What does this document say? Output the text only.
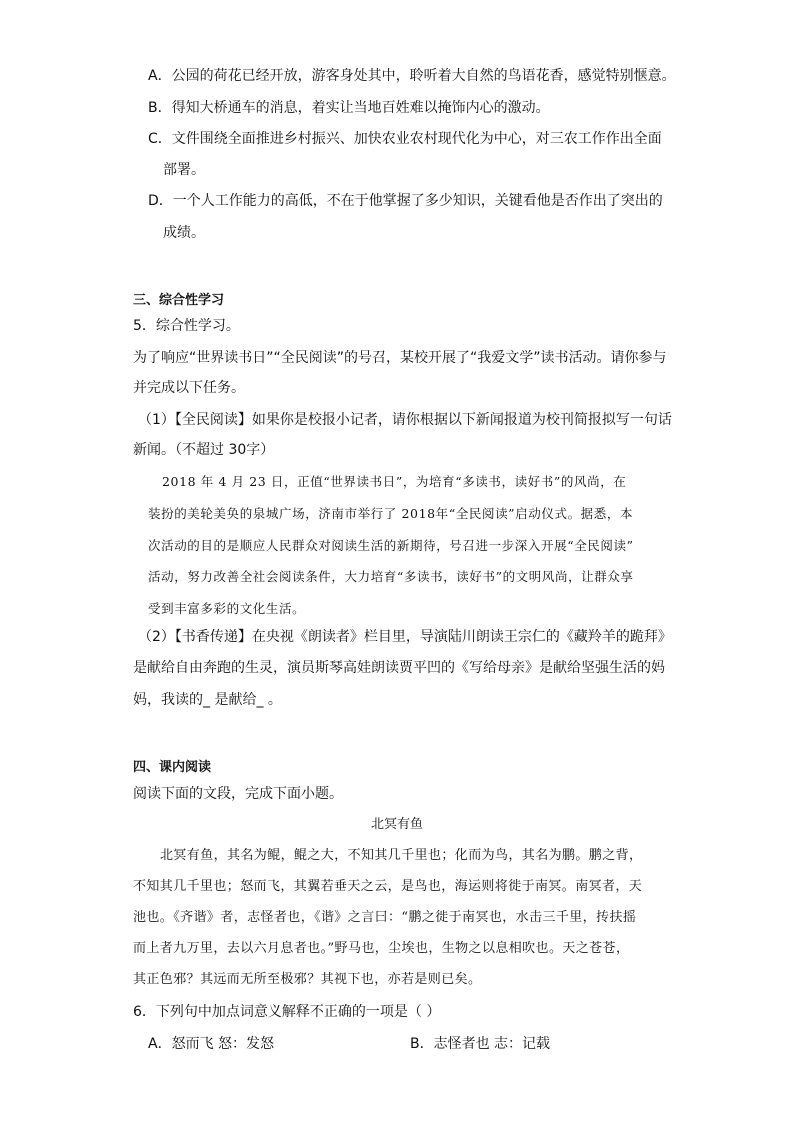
A．公园的荷花已经开放，游客身处其中，聆听着大自然的鸟语花香，感觉特别惬意。
B．得知大桥通车的消息，着实让当地百姓难以掩饰内心的激动。
C．文件围绕全面推进乡村振兴、加快农业农村现代化为中心，对三农工作作出全面
部署。
D．一个人工作能力的高低，不在于他掌握了多少知识，关键看他是否作出了突出的
成绩。
三、综合性学习
5．综合性学习。
为了响应“世界读书日”“全民阅读”的号召，某校开展了“我爱文学”读书活动。请你参与
并完成以下任务。
（1）【全民阅读】如果你是校报小记者，请你根据以下新闻报道为校刊简报拟写一句话
新闻。（不超过 30字）
2018 年 4 月 23 日，正值“世界读书日”，为培育“多读书，读好书”的风尚，在
装扮的美轮美奂的泉城广场，济南市举行了 2018年“全民阅读”启动仪式。据悉，本
次活动的目的是顺应人民群众对阅读生活的新期待，号召进一步深入开展“全民阅读”
活动，努力改善全社会阅读条件，大力培育“多读书，读好书”的文明风尚，让群众享
受到丰富多彩的文化生活。
（2）【书香传递】在央视《朗读者》栏目里，导演陆川朗读王宗仁的《藏羚羊的跪拜》
是献给自由奔跑的生灵，演员斯琴高娃朗读贾平凹的《写给母亲》是献给坚强生活的妈
妈，我读的_ 是献给_ 。
四、课内阅读
阅读下面的文段，完成下面小题。
北冥有鱼
北冥有鱼，其名为鲲，鲲之大，不知其几千里也；化而为鸟，其名为鹏。鹏之背，
不知其几千里也；怒而飞，其翼若垂天之云，是鸟也，海运则将徙于南冥。南冥者，天
池也。《齐谐》者，志怪者也，《谐》之言曰：“鹏之徙于南冥也，水击三千里，抟扶摇
而上者九万里，去以六月息者也。”野马也，尘埃也，生物之以息相吹也。天之苍苍，
其正色邪？其远而无所至极邪？其视下也，亦若是则已矣。
6．下列句中加点词意义解释不正确的一项是（ ）
A．怒而飞 怒：发怒	B．志怪者也 志：记载
